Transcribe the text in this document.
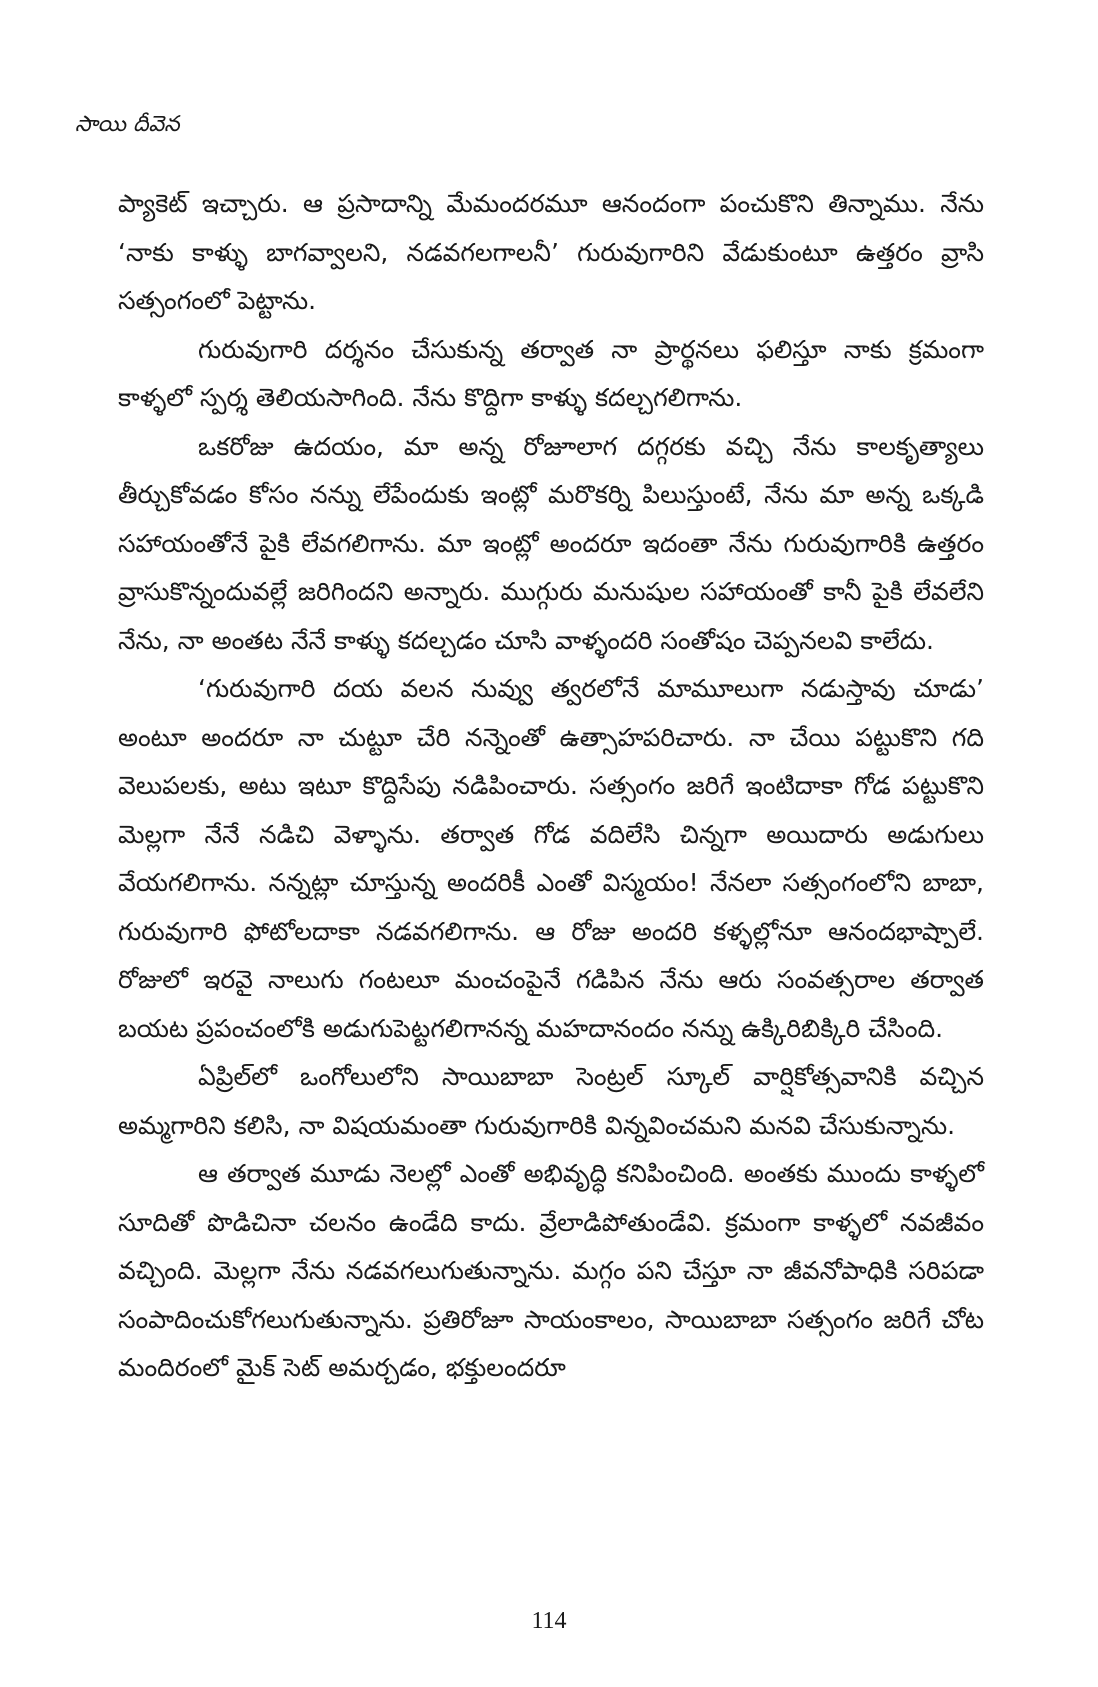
సాయి దీవెన

ప్యాకెట్ ఇచ్చారు. ఆ ప్రసాదాన్ని మేమందరమూ ఆనందంగా పంచుకొని తిన్నాము. నేను ‘నాకు కాళ్ళు బాగవ్వాలని, నడవగలగాలనీ’ గురువుగారిని వేడుకుంటూ ఉత్తరం వ్రాసి సత్సంగంలో పెట్టాను.

గురువుగారి దర్శనం చేసుకున్న తర్వాత నా ప్రార్థనలు ఫలిస్తూ నాకు క్రమంగా కాళ్ళలో స్పర్శ తెలియసాగింది. నేను కొద్దిగా కాళ్ళు కదల్చగలిగాను.

ఒకరోజు ఉదయం, మా అన్న రోజూలాగ దగ్గరకు వచ్చి నేను కాలకృత్యాలు తీర్చుకోవడం కోసం నన్ను లేపేందుకు ఇంట్లో మరొకర్ని పిలుస్తుంటే, నేను మా అన్న ఒక్కడి సహాయంతోనే పైకి లేవగలిగాను. మా ఇంట్లో అందరూ ఇదంతా నేను గురువుగారికి ఉత్తరం వ్రాసుకొన్నందువల్లే జరిగిందని అన్నారు. ముగ్గురు మనుషుల సహాయంతో కానీ పైకి లేవలేని నేను, నా అంతట నేనే కాళ్ళు కదల్చడం చూసి వాళ్ళందరి సంతోషం చెప్పనలవి కాలేదు.

‘గురువుగారి దయ వలన నువ్వు త్వరలోనే మామూలుగా నడుస్తావు చూడు’ అంటూ అందరూ నా చుట్టూ చేరి నన్నెంతో ఉత్సాహపరిచారు. నా చేయి పట్టుకొని గది వెలుపలకు, అటు ఇటూ కొద్దిసేపు నడిపించారు. సత్సంగం జరిగే ఇంటిదాకా గోడ పట్టుకొని మెల్లగా నేనే నడిచి వెళ్ళాను. తర్వాత గోడ వదిలేసి చిన్నగా అయిదారు అడుగులు వేయగలిగాను. నన్నట్లా చూస్తున్న అందరికీ ఎంతో విస్మయం! నేనలా సత్సంగంలోని బాబా, గురువుగారి ఫోటోలదాకా నడవగలిగాను. ఆ రోజు అందరి కళ్ళల్లోనూ ఆనందభాష్పాలే. రోజులో ఇరవై నాలుగు గంటలూ మంచంపైనే గడిపిన నేను ఆరు సంవత్సరాల తర్వాత బయట ప్రపంచంలోకి అడుగుపెట్టగలిగానన్న మహదానందం నన్ను ఉక్కిరిబిక్కిరి చేసింది.

ఏప్రిల్‌లో ఒంగోలులోని సాయిబాబా సెంట్రల్ స్కూల్ వార్షికోత్సవానికి వచ్చిన అమ్మగారిని కలిసి, నా విషయమంతా గురువుగారికి విన్నవించమని మనవి చేసుకున్నాను.

ఆ తర్వాత మూడు నెలల్లో ఎంతో అభివృద్ధి కనిపించింది. అంతకు ముందు కాళ్ళలో సూదితో పొడిచినా చలనం ఉండేది కాదు. వ్రేలాడిపోతుండేవి. క్రమంగా కాళ్ళలో నవజీవం వచ్చింది. మెల్లగా నేను నడవగలుగుతున్నాను. మగ్గం పని చేస్తూ నా జీవనోపాధికి సరిపడా సంపాదించుకోగలుగుతున్నాను. ప్రతిరోజూ సాయంకాలం, సాయిబాబా సత్సంగం జరిగే చోట మందిరంలో మైక్ సెట్ అమర్చడం, భక్తులందరూ

114
